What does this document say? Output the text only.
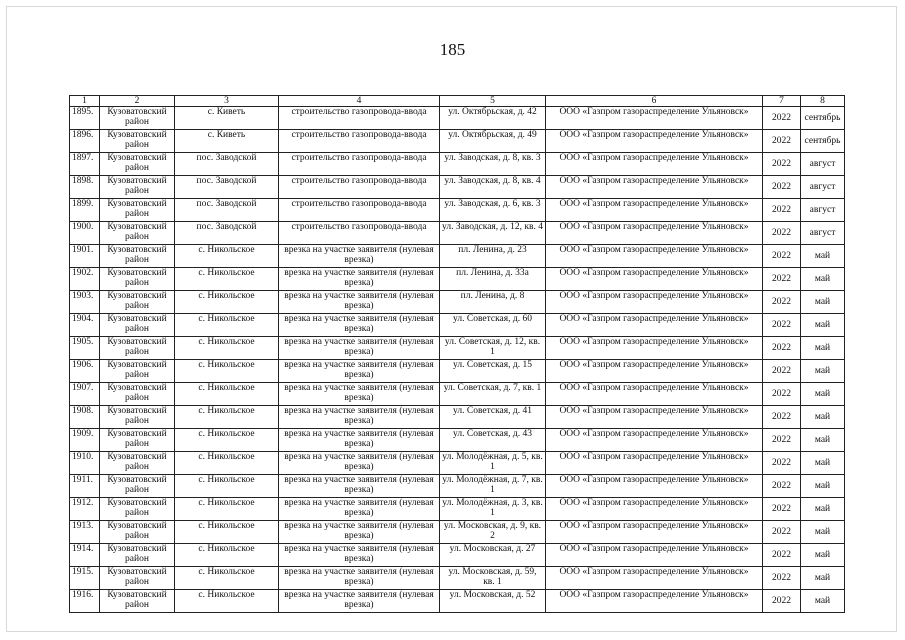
185
1	2	3	4	5	6	7	8
1895.	Кузоватовский район	с. Киветь	строительство газопровода-ввода	ул. Октябрьская, д. 42	ООО «Газпром газораспределение Ульяновск»	2022	сентябрь
1896.	Кузоватовский район	с. Киветь	строительство газопровода-ввода	ул. Октябрьская, д. 49	ООО «Газпром газораспределение Ульяновск»	2022	сентябрь
1897.	Кузоватовский район	пос. Заводской	строительство газопровода-ввода	ул. Заводская, д. 8, кв. 3	ООО «Газпром газораспределение Ульяновск»	2022	август
1898.	Кузоватовский район	пос. Заводской	строительство газопровода-ввода	ул. Заводская, д. 8, кв. 4	ООО «Газпром газораспределение Ульяновск»	2022	август
1899.	Кузоватовский район	пос. Заводской	строительство газопровода-ввода	ул. Заводская, д. 6, кв. 3	ООО «Газпром газораспределение Ульяновск»	2022	август
1900.	Кузоватовский район	пос. Заводской	строительство газопровода-ввода	ул. Заводская, д. 12, кв. 4	ООО «Газпром газораспределение Ульяновск»	2022	август
1901.	Кузоватовский район	с. Никольское	врезка на участке заявителя (нулевая врезка)	пл. Ленина, д. 23	ООО «Газпром газораспределение Ульяновск»	2022	май
1902.	Кузоватовский район	с. Никольское	врезка на участке заявителя (нулевая врезка)	пл. Ленина, д. 33а	ООО «Газпром газораспределение Ульяновск»	2022	май
1903.	Кузоватовский район	с. Никольское	врезка на участке заявителя (нулевая врезка)	пл. Ленина, д. 8	ООО «Газпром газораспределение Ульяновск»	2022	май
1904.	Кузоватовский район	с. Никольское	врезка на участке заявителя (нулевая врезка)	ул. Советская, д. 60	ООО «Газпром газораспределение Ульяновск»	2022	май
1905.	Кузоватовский район	с. Никольское	врезка на участке заявителя (нулевая врезка)	ул. Советская, д. 12, кв. 1	ООО «Газпром газораспределение Ульяновск»	2022	май
1906.	Кузоватовский район	с. Никольское	врезка на участке заявителя (нулевая врезка)	ул. Советская, д. 15	ООО «Газпром газораспределение Ульяновск»	2022	май
1907.	Кузоватовский район	с. Никольское	врезка на участке заявителя (нулевая врезка)	ул. Советская, д. 7, кв. 1	ООО «Газпром газораспределение Ульяновск»	2022	май
1908.	Кузоватовский район	с. Никольское	врезка на участке заявителя (нулевая врезка)	ул. Советская, д. 41	ООО «Газпром газораспределение Ульяновск»	2022	май
1909.	Кузоватовский район	с. Никольское	врезка на участке заявителя (нулевая врезка)	ул. Советская, д. 43	ООО «Газпром газораспределение Ульяновск»	2022	май
1910.	Кузоватовский район	с. Никольское	врезка на участке заявителя (нулевая врезка)	ул. Молодёжная, д. 5, кв. 1	ООО «Газпром газораспределение Ульяновск»	2022	май
1911.	Кузоватовский район	с. Никольское	врезка на участке заявителя (нулевая врезка)	ул. Молодёжная, д. 7, кв. 1	ООО «Газпром газораспределение Ульяновск»	2022	май
1912.	Кузоватовский район	с. Никольское	врезка на участке заявителя (нулевая врезка)	ул. Молодёжная, д. 3, кв. 1	ООО «Газпром газораспределение Ульяновск»	2022	май
1913.	Кузоватовский район	с. Никольское	врезка на участке заявителя (нулевая врезка)	ул. Московская, д. 9, кв. 2	ООО «Газпром газораспределение Ульяновск»	2022	май
1914.	Кузоватовский район	с. Никольское	врезка на участке заявителя (нулевая врезка)	ул. Московская, д. 27	ООО «Газпром газораспределение Ульяновск»	2022	май
1915.	Кузоватовский район	с. Никольское	врезка на участке заявителя (нулевая врезка)	ул. Московская, д. 59, кв. 1	ООО «Газпром газораспределение Ульяновск»	2022	май
1916.	Кузоватовский район	с. Никольское	врезка на участке заявителя (нулевая врезка)	ул. Московская, д. 52	ООО «Газпром газораспределение Ульяновск»	2022	май
